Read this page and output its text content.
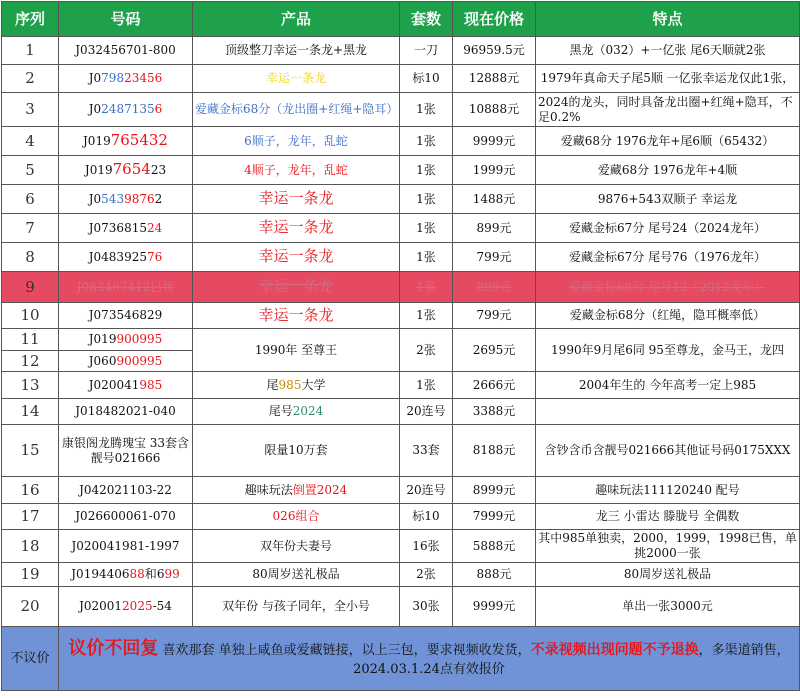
序列	号码	产品	套数	现在价格	特点
1	J032456701-800	顶级整刀幸运一条龙+黑龙	一刀	96959.5元	黑龙（032）+一亿张 尾6天顺就2张
2	J079823456	幸运一条龙	标10	12888元	1979年真命天子尾5顺 一亿张幸运龙仅此1张，
3	J024871356	爱藏金标68分（龙出圈+红绳+隐耳）	1张	10888元	2024的龙头，同时具备龙出圈+红绳+隐耳，不足0.2%
4	J019765432	6顺子，龙年，乱蛇	1张	9999元	爱藏68分 1976龙年+尾6顺（65432）
5	J019765423	4顺子，龙年，乱蛇	1张	1999元	爱藏68分 1976龙年+4顺
6	J054398762	幸运一条龙	1张	1488元	9876+543双顺子 幸运龙
7	J073681524	幸运一条龙	1张	899元	爱藏金标67分 尾号24（2024龙年）
8	J048392576	幸运一条龙	1张	799元	爱藏金标67分 尾号76（1976龙年）
9	J083467412已售	幸运一条龙	1张	899元	爱藏金标68分 尾号12（2012龙年）
10	J073546829	幸运一条龙	1张	799元	爱藏金标68分（红绳，隐耳概率低）
11	J019900995	1990年 至尊王	2张	2695元	1990年9月尾6同 95至尊龙，金马王，龙四
12	J060900995				
13	J020041985	尾985大学	1张	2666元	2004年生的 今年高考一定上985
14	J018482021-040	尾号2024	20连号	3388元	
15	康银阁龙腾瑰宝 33套含靓号021666	限量10万套	33套	8188元	含钞含币含靓号021666其他证号码0175XXX
16	J042021103-22	趣味玩法倒置2024	20连号	8999元	趣味玩法111120240 配号
17	J026600061-070	026组合	标10	7999元	龙三 小雷达 滕胧号 全偶数
18	J020041981-1997	双年份夫妻号	16张	5888元	其中985单独卖，2000，1999，1998已售，单挑2000一张
19	J019440688和699	80周岁送礼极品	2张	888元	80周岁送礼极品
20	J020012025-54	双年份 与孩子同年，全小号	30张	9999元	单出一张3000元
不议价	议价不回复 喜欢那套 单独上咸鱼或爱藏链接，以上三包，要求视频收发货，不录视频出现问题不予退换，多渠道销售， 2024.03.1.24点有效报价				
